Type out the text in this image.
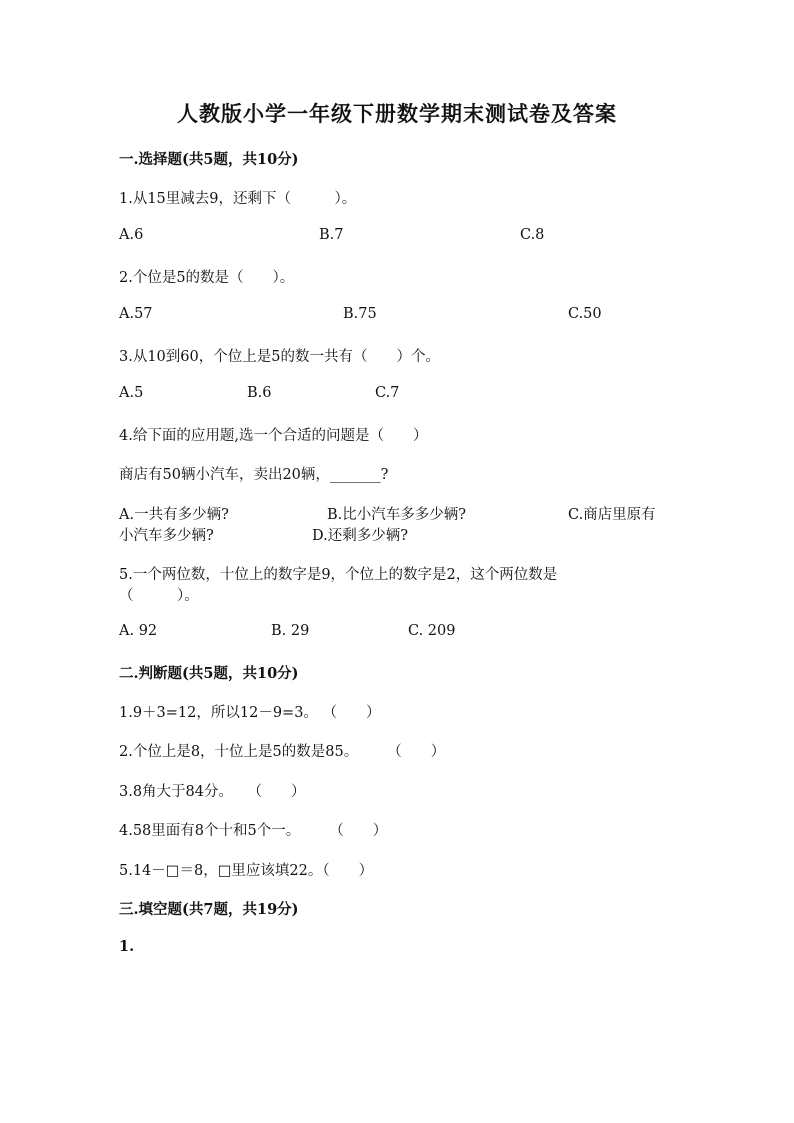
人教版小学一年级下册数学期末测试卷及答案
一.选择题(共5题，共10分)
1.从15里减去9，还剩下（　　　）。
A.6	B.7	C.8
2.个位是5的数是（　　）。
A.57	B.75	C.50
3.从10到60，个位上是5的数一共有（　　）个。
A.5	B.6	C.7
4.给下面的应用题,选一个合适的问题是（　　）
商店有50辆小汽车，卖出20辆，_______?
A.一共有多少辆?	B.比小汽车多多少辆?	C.商店里原有
小汽车多少辆?	D.还剩多少辆?
5.一个两位数，十位上的数字是9，个位上的数字是2，这个两位数是
（　　　）。
A. 92	B. 29	C. 209
二.判断题(共5题，共10分)
1.9＋3=12，所以12－9=3。 （　　）
2.个位上是8，十位上是5的数是85。　　　（　　）
3.8角大于84分。　　（　　）
4.58里面有8个十和5个一。　　　（　　）
5.14－□＝8，□里应该填22。（　　）
三.填空题(共7题，共19分)
1.
